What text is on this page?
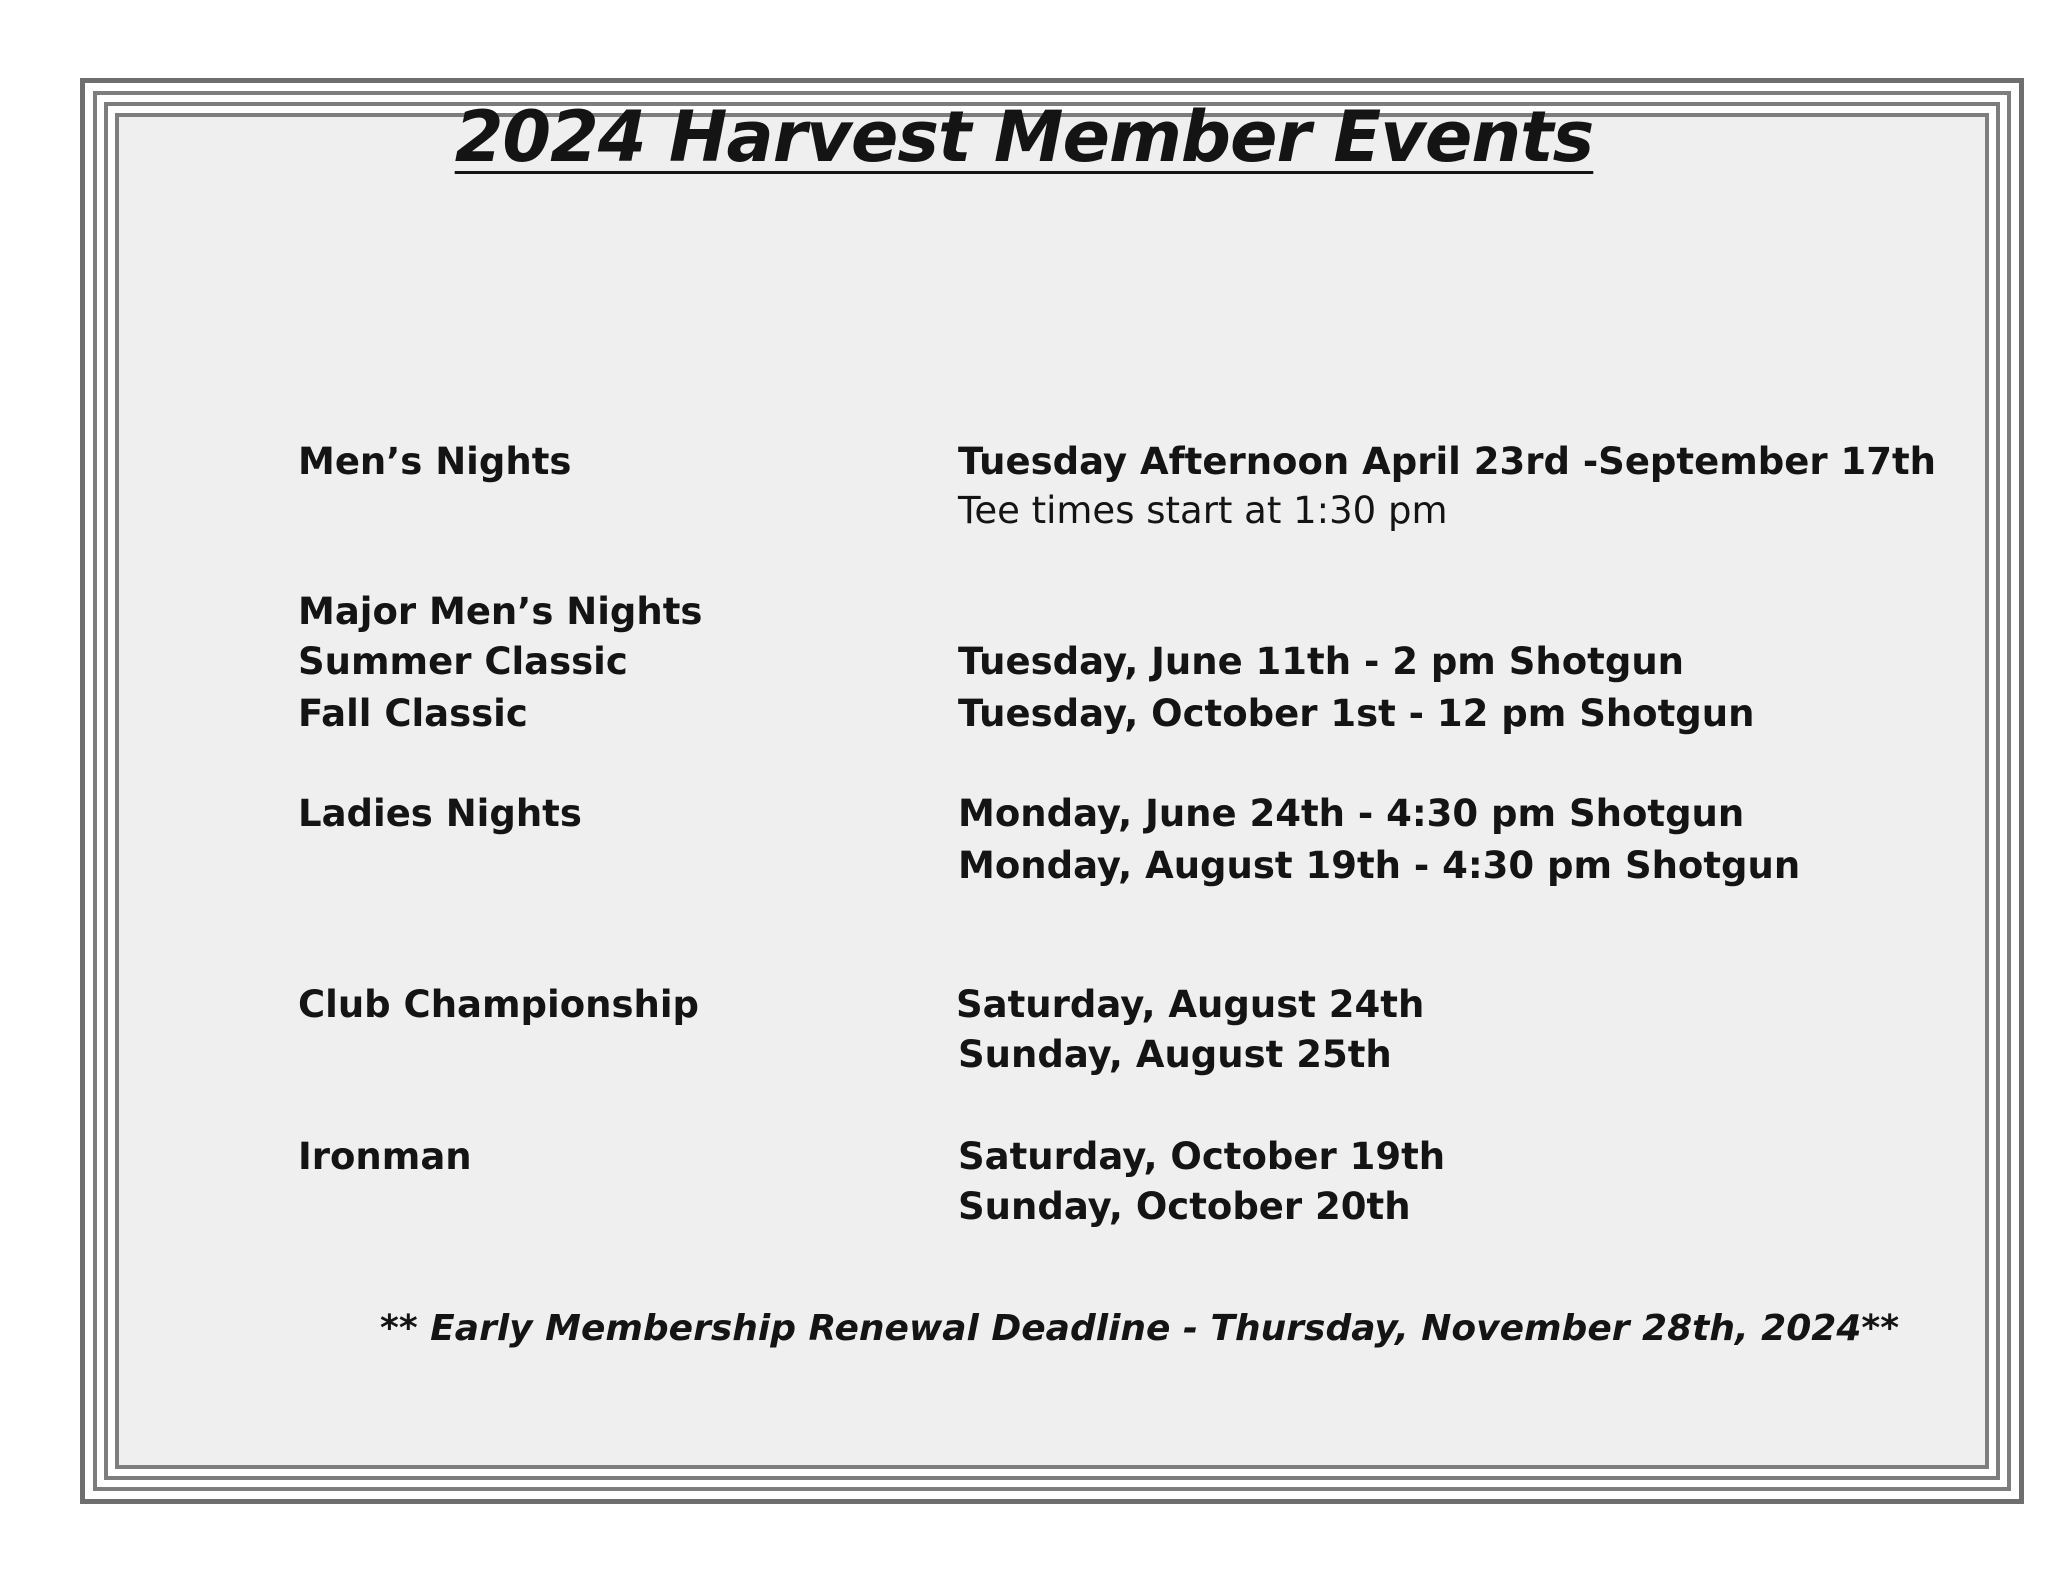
2024 Harvest Member Events
Men’s Nights	Tuesday Afternoon April 23rd -September 17th
Tee times start at 1:30 pm
Major Men’s Nights
Summer Classic	Tuesday, June 11th - 2 pm Shotgun
Fall Classic	Tuesday, October 1st - 12 pm Shotgun
Ladies Nights	Monday, June 24th - 4:30 pm Shotgun
Monday, August 19th - 4:30 pm Shotgun
Club Championship	Saturday, August 24th
Sunday, August 25th
Ironman	Saturday, October 19th
Sunday, October 20th
** Early Membership Renewal Deadline - Thursday, November 28th, 2024**
